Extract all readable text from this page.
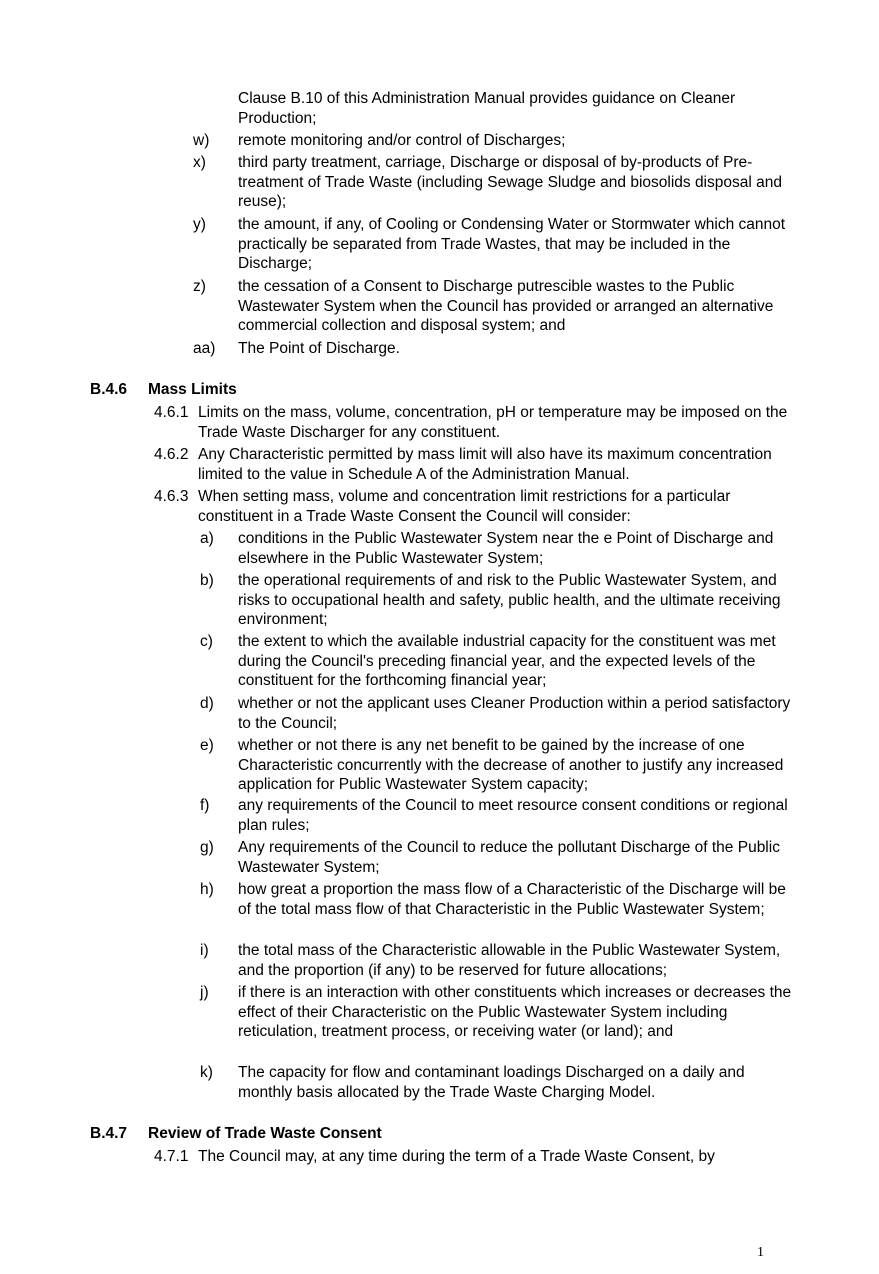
Clause B.10 of this Administration Manual provides guidance on Cleaner Production;
w) remote monitoring and/or control of Discharges;
x) third party treatment, carriage, Discharge or disposal of by-products of Pre-treatment of Trade Waste (including Sewage Sludge and biosolids disposal and reuse);
y) the amount, if any, of Cooling or Condensing Water or Stormwater which cannot practically be separated from Trade Wastes, that may be included in the Discharge;
z) the cessation of a Consent to Discharge putrescible wastes to the Public Wastewater System when the Council has provided or arranged an alternative commercial collection and disposal system; and
aa) The Point of Discharge.
B.4.6 Mass Limits
4.6.1 Limits on the mass, volume, concentration, pH or temperature may be imposed on the Trade Waste Discharger for any constituent.
4.6.2 Any Characteristic permitted by mass limit will also have its maximum concentration limited to the value in Schedule A of the Administration Manual.
4.6.3 When setting mass, volume and concentration limit restrictions for a particular constituent in a Trade Waste Consent the Council will consider:
a) conditions in the Public Wastewater System near the e Point of Discharge and elsewhere in the Public Wastewater System;
b) the operational requirements of and risk to the Public Wastewater System, and risks to occupational health and safety, public health, and the ultimate receiving environment;
c) the extent to which the available industrial capacity for the constituent was met during the Council's preceding financial year, and the expected levels of the constituent for the forthcoming financial year;
d) whether or not the applicant uses Cleaner Production within a period satisfactory to the Council;
e) whether or not there is any net benefit to be gained by the increase of one Characteristic concurrently with the decrease of another to justify any increased application for Public Wastewater System capacity;
f) any requirements of the Council to meet resource consent conditions or regional plan rules;
g) Any requirements of the Council to reduce the pollutant Discharge of the Public Wastewater System;
h) how great a proportion the mass flow of a Characteristic of the Discharge will be of the total mass flow of that Characteristic in the Public Wastewater System;
i) the total mass of the Characteristic allowable in the Public Wastewater System, and the proportion (if any) to be reserved for future allocations;
j) if there is an interaction with other constituents which increases or decreases the effect of their Characteristic on the Public Wastewater System including reticulation, treatment process, or receiving water (or land); and
k) The capacity for flow and contaminant loadings Discharged on a daily and monthly basis allocated by the Trade Waste Charging Model.
B.4.7 Review of Trade Waste Consent
4.7.1 The Council may, at any time during the term of a Trade Waste Consent, by
1
